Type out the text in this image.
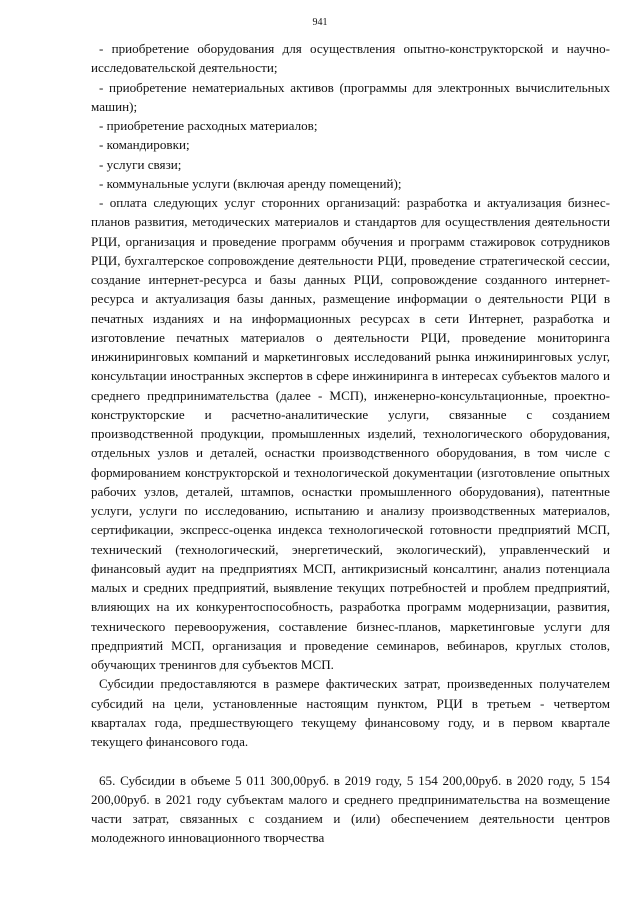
941

- приобретение оборудования для осуществления опытно-конструкторской и научно-исследовательской деятельности;

- приобретение нематериальных активов (программы для электронных вычислительных машин);

- приобретение расходных материалов;

- командировки;

- услуги связи;

- коммунальные услуги (включая аренду помещений);

- оплата следующих услуг сторонних организаций: разработка и актуализация бизнес-планов развития, методических материалов и стандартов для осуществления деятельности РЦИ, организация и проведение программ обучения и программ стажировок сотрудников РЦИ, бухгалтерское сопровождение деятельности РЦИ, проведение стратегической сессии, создание интернет-ресурса и базы данных РЦИ, сопровождение созданного интернет-ресурса и актуализация базы данных, размещение информации о деятельности РЦИ в печатных изданиях и на информационных ресурсах в сети Интернет, разработка и изготовление печатных материалов о деятельности РЦИ, проведение мониторинга инжиниринговых компаний и маркетинговых исследований рынка инжиниринговых услуг, консультации иностранных экспертов в сфере инжиниринга в интересах субъектов малого и среднего предпринимательства (далее - МСП), инженерно-консультационные, проектно-конструкторские и расчетно-аналитические услуги, связанные с созданием производственной продукции, промышленных изделий, технологического оборудования, отдельных узлов и деталей, оснастки производственного оборудования, в том числе с формированием конструкторской и технологической документации (изготовление опытных рабочих узлов, деталей, штампов, оснастки промышленного оборудования), патентные услуги, услуги по исследованию, испытанию и анализу производственных материалов, сертификации, экспресс-оценка индекса технологической готовности предприятий МСП, технический (технологический, энергетический, экологический), управленческий и финансовый аудит на предприятиях МСП, антикризисный консалтинг, анализ потенциала малых и средних предприятий, выявление текущих потребностей и проблем предприятий, влияющих на их конкурентоспособность, разработка программ модернизации, развития, технического перевооружения, составление бизнес-планов, маркетинговые услуги для предприятий МСП, организация и проведение семинаров, вебинаров, круглых столов, обучающих тренингов для субъектов МСП.

Субсидии предоставляются в размере фактических затрат, произведенных получателем субсидий на цели, установленные настоящим пунктом, РЦИ в третьем - четвертом кварталах года, предшествующего текущему финансовому году, и в первом квартале текущего финансового года.

65. Субсидии в объеме 5 011 300,00руб. в 2019 году, 5 154 200,00руб. в 2020 году, 5 154 200,00руб. в 2021 году субъектам малого и среднего предпринимательства на возмещение части затрат, связанных с созданием и (или) обеспечением деятельности центров молодежного инновационного творчества
